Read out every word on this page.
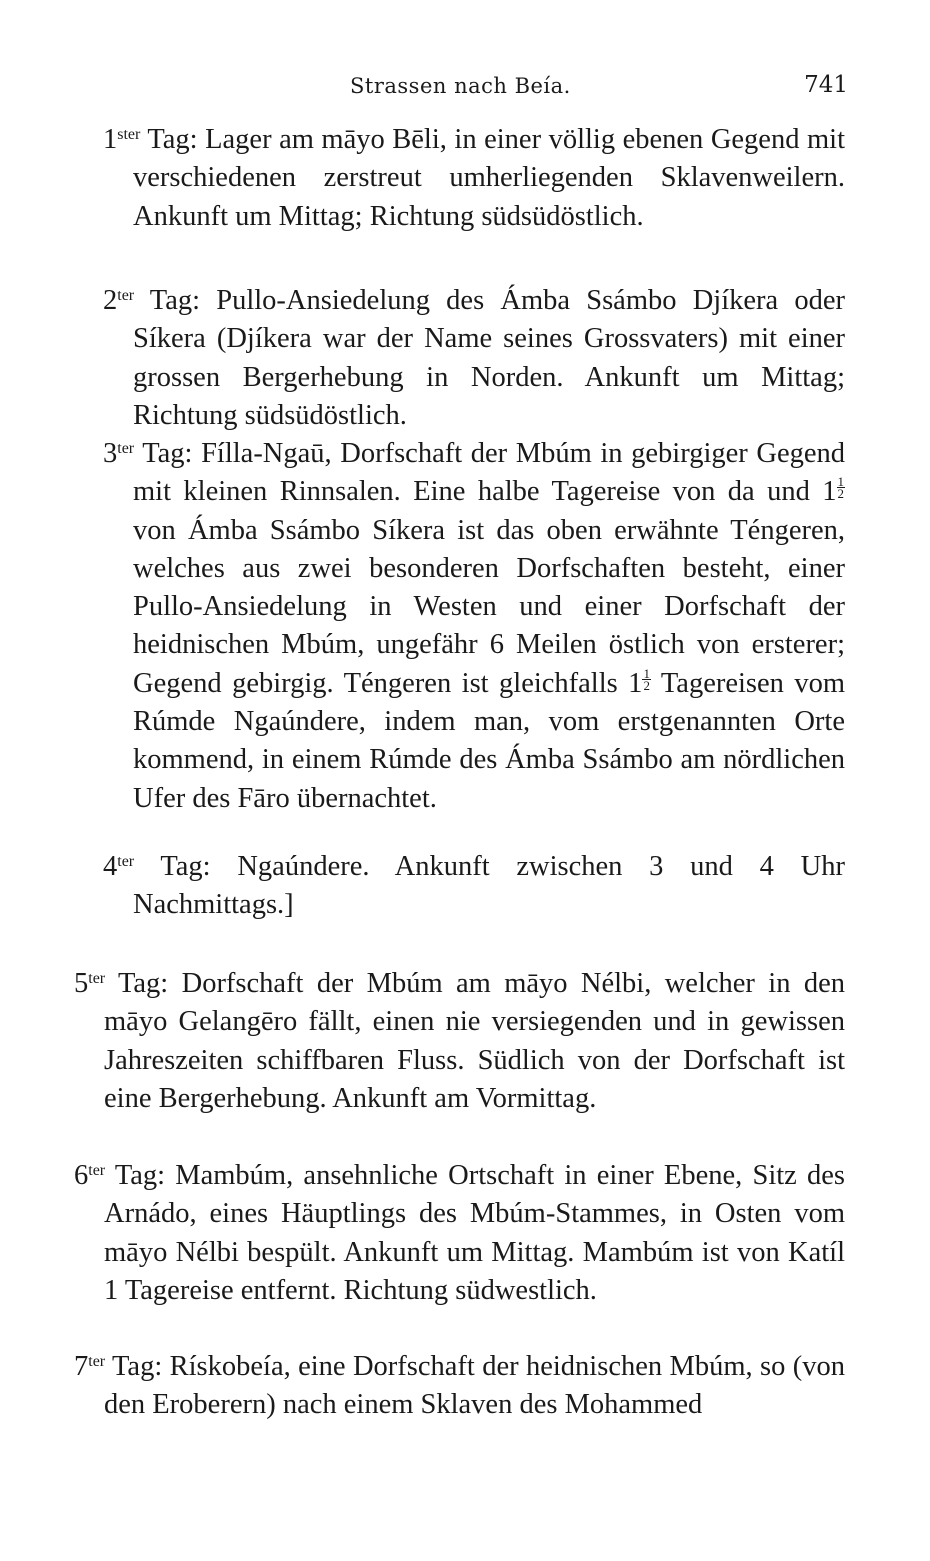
Strassen nach Beía.	741

$1^{ster}$ Tag: Lager am māyo Bēli, in einer völlig ebenen Gegend mit verschiedenen zerstreut umherliegenden Sklavenweilern. Ankunft um Mittag; Richtung südsüdöstlich.

$2^{ter}$ Tag: Pullo-Ansiedelung des Ámba Ssámbo Djíkera oder Síkera (Djíkera war der Name seines Grossvaters) mit einer grossen Bergerhebung in Norden. Ankunft um Mittag; Richtung südsüdöstlich.

$3^{ter}$ Tag: Fílla-Ngaū, Dorfschaft der Mbúm in gebirgiger Gegend mit kleinen Rinnsalen. Eine halbe Tagereise von da und $1 \frac{1}{2}$
von Ámba Ssámbo Síkera ist das oben erwähnte Téngeren, welches aus zwei besonderen Dorfschaften besteht, einer Pullo-Ansiedelung in Westen und einer Dorfschaft der heidnischen Mbúm, ungefähr 6 Meilen östlich von ersterer; Gegend gebirgig. Téngeren ist gleichfalls $1 \frac{1}{2}$ Tagereisen vom Rúmde Ngaúndere, indem man, vom erstgenannten Orte kommend, in einem Rúmde des Ámba Ssámbo am nördlichen Ufer des Fāro übernachtet.

$4^{ter}$ Tag: Ngaúndere. Ankunft zwischen 3 und 4 Uhr Nachmittags.]

$5^{ter}$ Tag: Dorfschaft der Mbúm am māyo Nélbi, welcher in den māyo Gelangēro fällt, einen nie versiegenden und in gewissen Jahreszeiten schiffbaren Fluss. Südlich von der Dorfschaft ist eine Bergerhebung. Ankunft am Vormittag.

$6^{ter}$ Tag: Mambúm, ansehnliche Ortschaft in einer Ebene, Sitz des Arnádo, eines Häuptlings des Mbúm-Stammes, in Osten vom māyo Nélbi bespült. Ankunft um Mittag. Mambúm ist von Katíl 1 Tagereise entfernt. Richtung südwestlich.

$7^{ter}$ Tag: Rískobeía, eine Dorfschaft der heidnischen Mbúm, so (von den Eroberern) nach einem Sklaven des Mohammed
